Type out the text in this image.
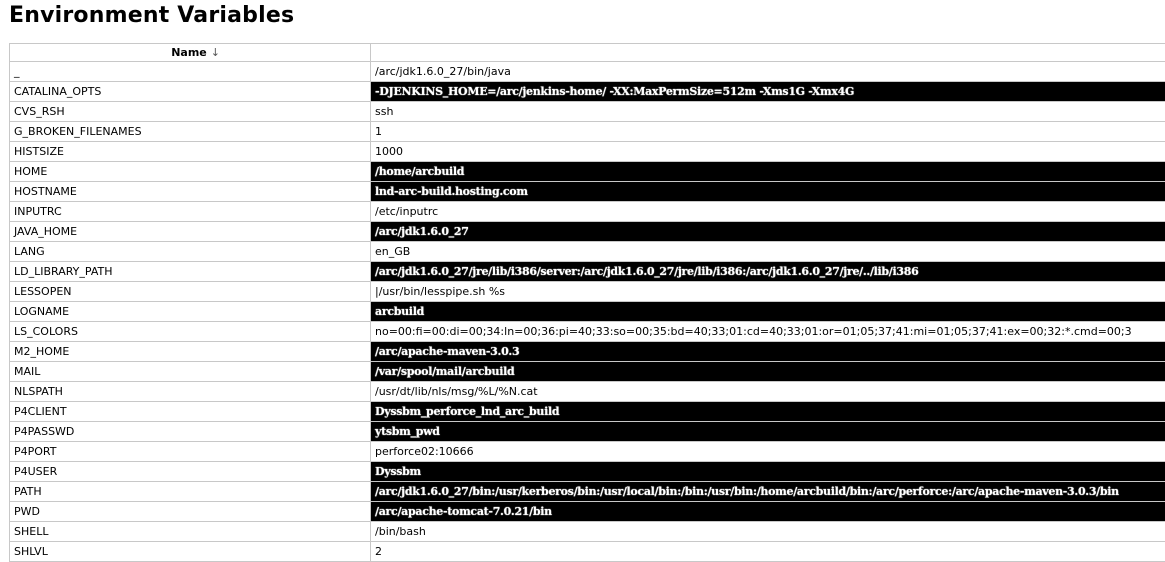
Environment Variables
Name ↓	
_	/arc/jdk1.6.0_27/bin/java
CATALINA_OPTS	-DJENKINS_HOME=/arc/jenkins-home/ -XX:MaxPermSize=512m -Xms1G -Xmx4G
CVS_RSH	ssh
G_BROKEN_FILENAMES	1
HISTSIZE	1000
HOME	/home/arcbuild
HOSTNAME	lnd-arc-build.hosting.com
INPUTRC	/etc/inputrc
JAVA_HOME	/arc/jdk1.6.0_27
LANG	en_GB
LD_LIBRARY_PATH	/arc/jdk1.6.0_27/jre/lib/i386/server:/arc/jdk1.6.0_27/jre/lib/i386:/arc/jdk1.6.0_27/jre/../lib/i386
LESSOPEN	|/usr/bin/lesspipe.sh %s
LOGNAME	arcbuild
LS_COLORS	no=00:fi=00:di=00;34:ln=00;36:pi=40;33:so=00;35:bd=40;33;01:cd=40;33;01:or=01;05;37;41:mi=01;05;37;41:ex=00;32:*.cmd=00;3
M2_HOME	/arc/apache-maven-3.0.3
MAIL	/var/spool/mail/arcbuild
NLSPATH	/usr/dt/lib/nls/msg/%L/%N.cat
P4CLIENT	Dyssbm_perforce_lnd_arc_build
P4PASSWD	ytsbm_pwd
P4PORT	perforce02:10666
P4USER	Dyssbm
PATH	/arc/jdk1.6.0_27/bin:/usr/kerberos/bin:/usr/local/bin:/bin:/usr/bin:/home/arcbuild/bin:/arc/perforce:/arc/apache-maven-3.0.3/bin
PWD	/arc/apache-tomcat-7.0.21/bin
SHELL	/bin/bash
SHLVL	2
